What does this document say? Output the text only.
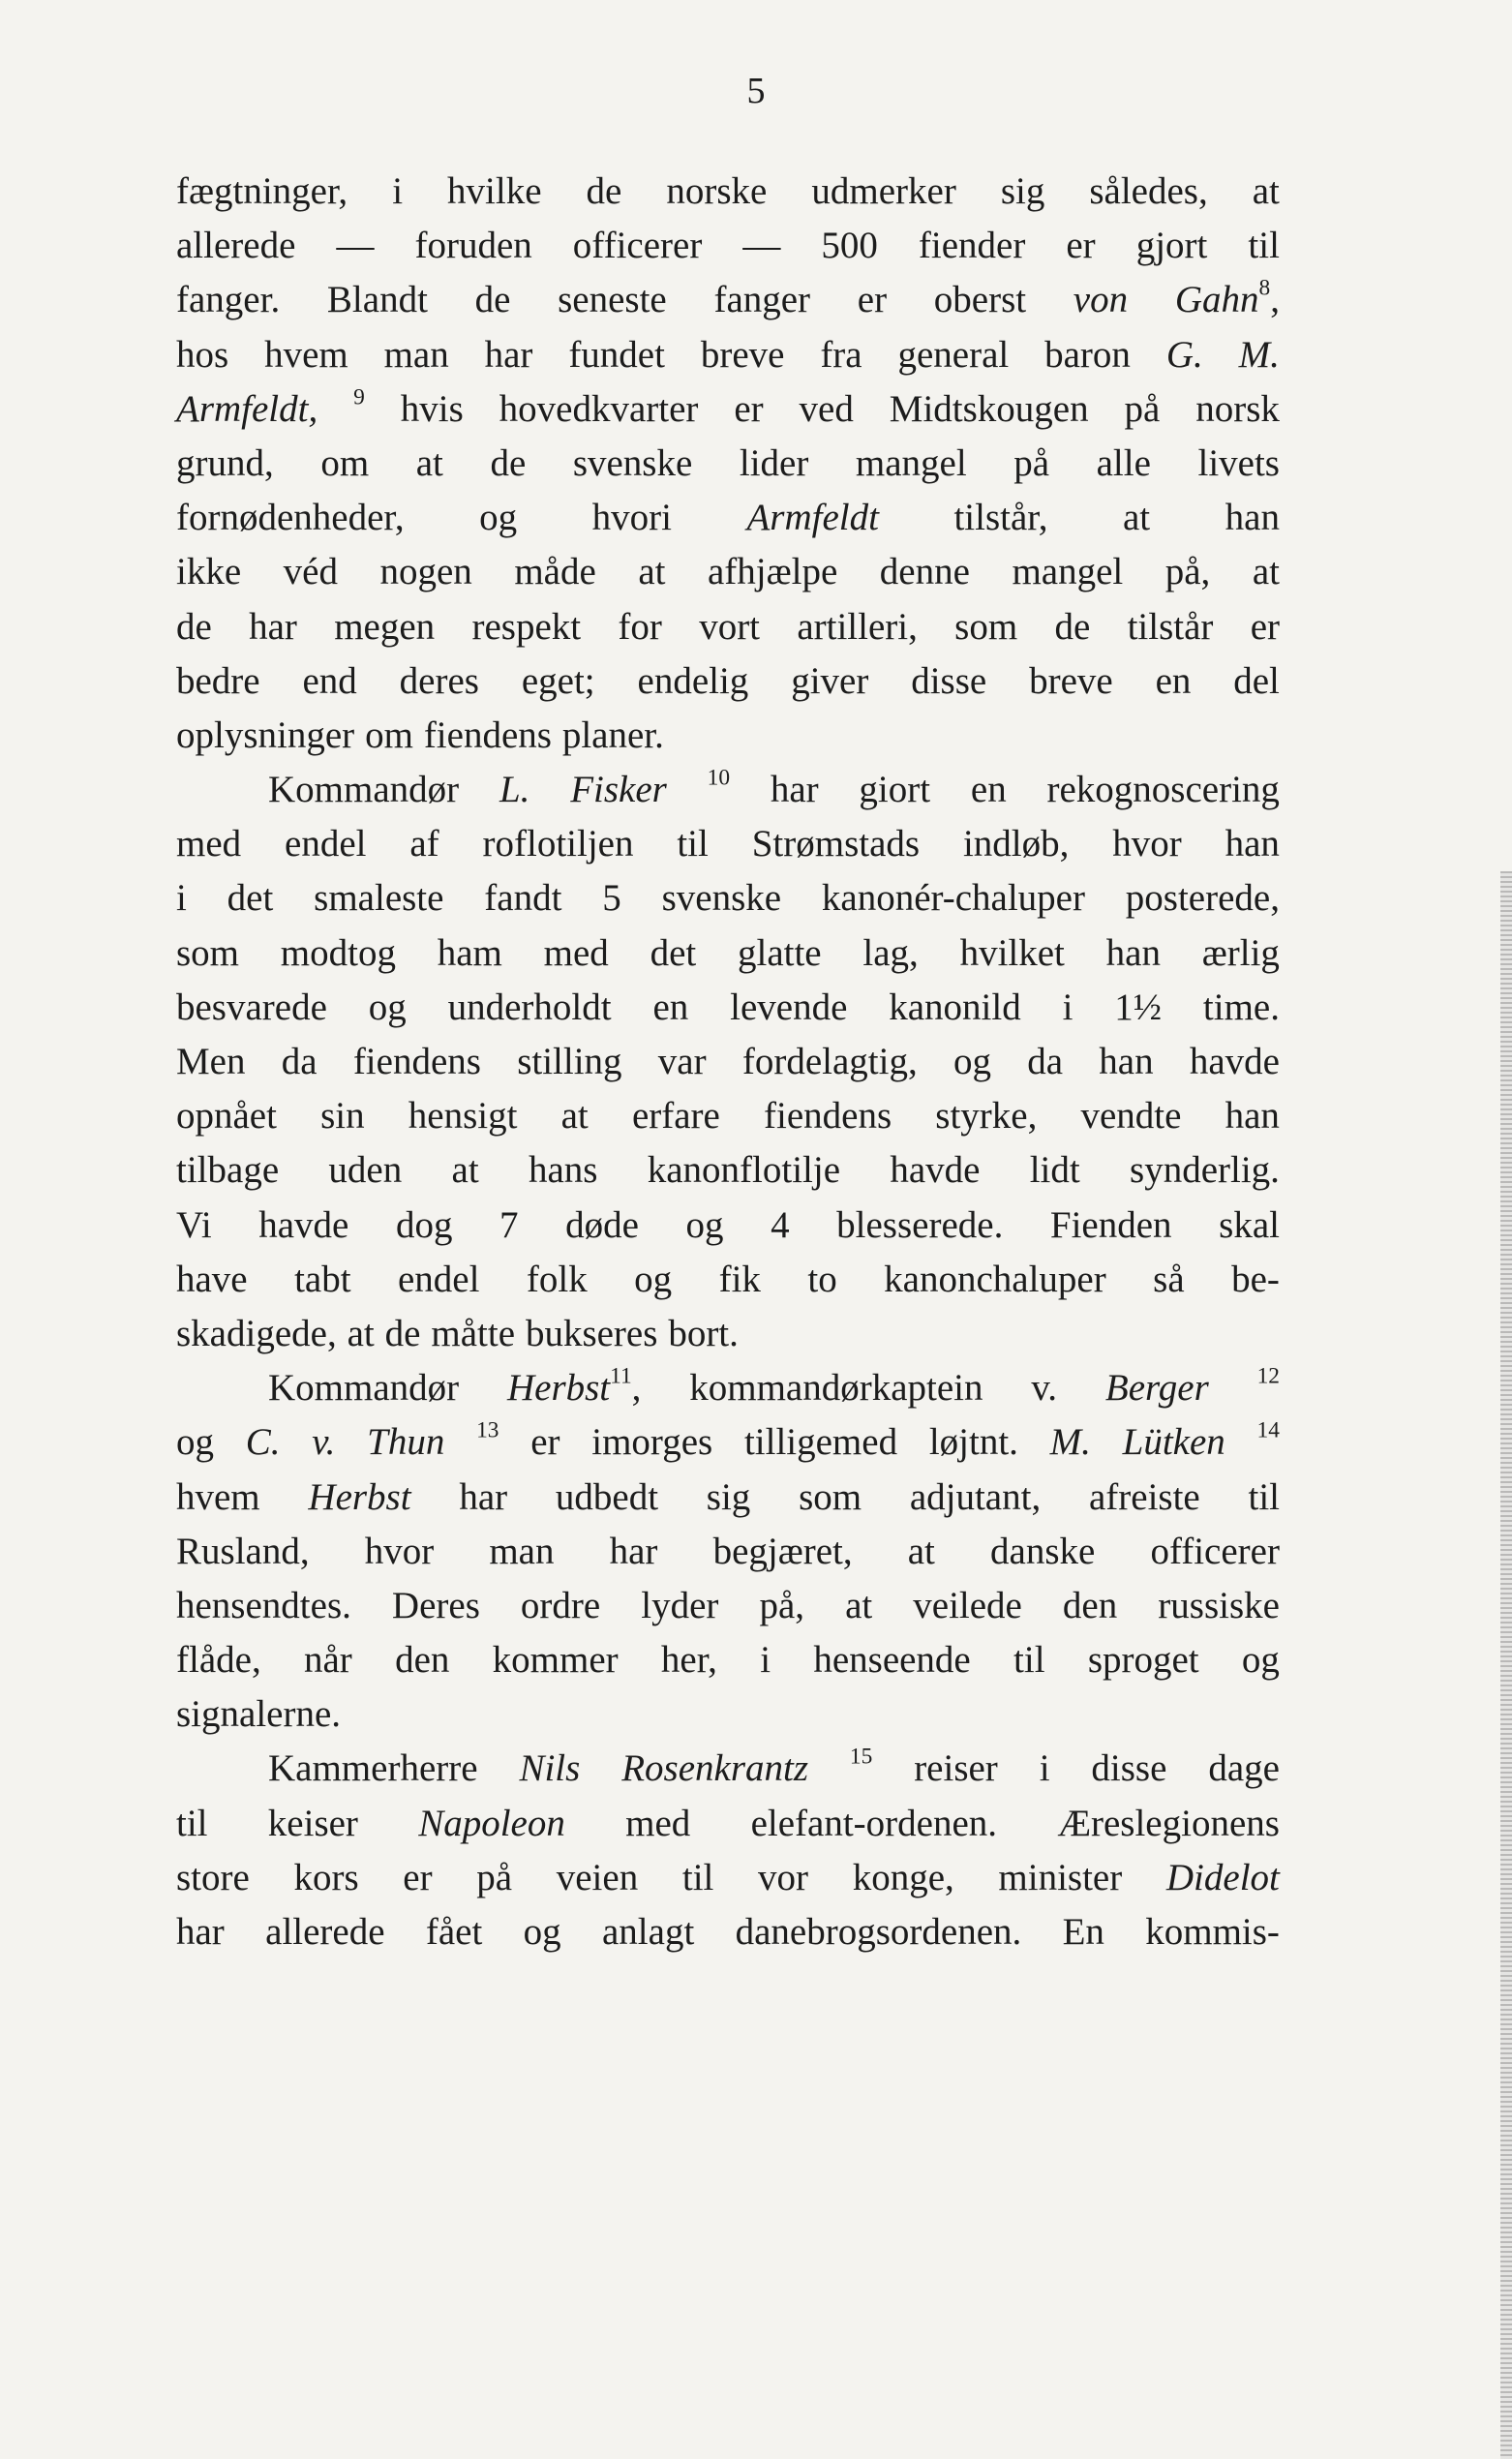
5
fægtninger, i hvilke de norske udmerker sig således, at
allerede — foruden officerer — 500 fiender er gjort til
fanger. Blandt de seneste fanger er oberst von Gahn$^8$,
hos hvem man har fundet breve fra general baron G. M.
Armfeldt, $^9$ hvis hovedkvarter er ved Midtskougen på norsk
grund, om at de svenske lider mangel på alle livets
fornødenheder, og hvori Armfeldt tilstår, at han
ikke véd nogen måde at afhjælpe denne mangel på, at
de har megen respekt for vort artilleri, som de tilstår er
bedre end deres eget; endelig giver disse breve en del
oplysninger om fiendens planer.
Kommandør L. Fisker $^{10}$ har giort en rekognoscering
med endel af roflotiljen til Strømstads indløb, hvor han
i det smaleste fandt 5 svenske kanonér-chaluper posterede,
som modtog ham med det glatte lag, hvilket han ærlig
besvarede og underholdt en levende kanonild i 1½ time.
Men da fiendens stilling var fordelagtig, og da han havde
opnået sin hensigt at erfare fiendens styrke, vendte han
tilbage uden at hans kanonflotilje havde lidt synderlig.
Vi havde dog 7 døde og 4 blesserede. Fienden skal
have tabt endel folk og fik to kanonchaluper så be-
skadigede, at de måtte bukseres bort.
Kommandør Herbst$^{11}$, kommandørkaptein v. Berger $^{12}$
og C. v. Thun $^{13}$ er imorges tilligemed løjtnt. M. Lütken $^{14}$
hvem Herbst har udbedt sig som adjutant, afreiste til
Rusland, hvor man har begjæret, at danske officerer
hensendtes. Deres ordre lyder på, at veilede den russiske
flåde, når den kommer her, i henseende til sproget og
signalerne.
Kammerherre Nils Rosenkrantz $^{15}$ reiser i disse dage
til keiser Napoleon med elefant-ordenen. Æreslegionens
store kors er på veien til vor konge, minister Didelot
har allerede fået og anlagt danebrogsordenen. En kommis-
